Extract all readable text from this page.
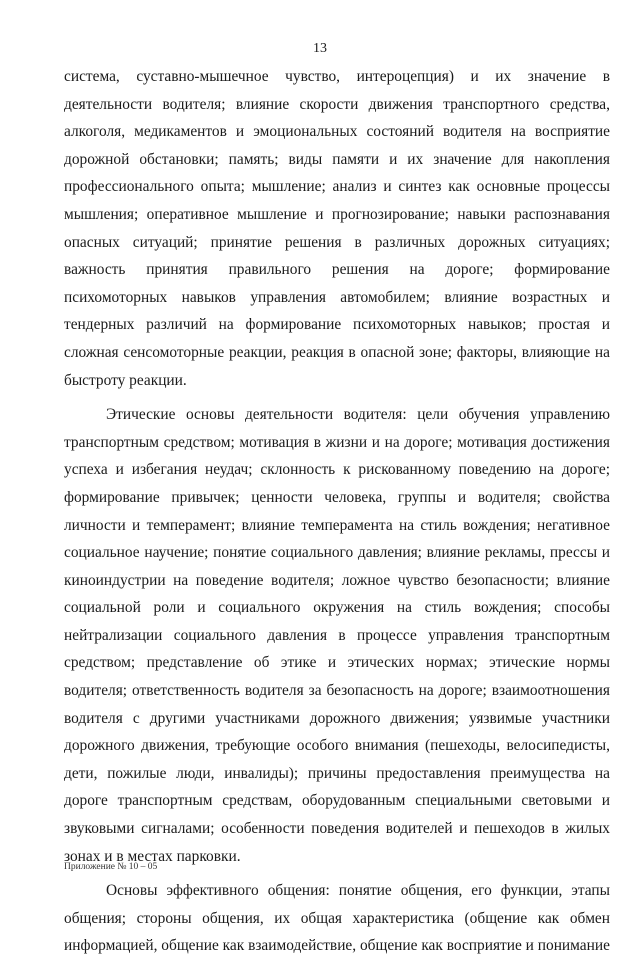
13

система, суставно-мышечное чувство, интероцепция) и их значение в деятельности водителя; влияние скорости движения транспортного средства, алкоголя, медикаментов и эмоциональных состояний водителя на восприятие дорожной обстановки; память; виды памяти и их значение для накопления профессионального опыта; мышление; анализ и синтез как основные процессы мышления; оперативное мышление и прогнозирование; навыки распознавания опасных ситуаций; принятие решения в различных дорожных ситуациях; важность принятия правильного решения на дороге; формирование психомоторных навыков управления автомобилем; влияние возрастных и тендерных различий на формирование психомоторных навыков; простая и сложная сенсомоторные реакции, реакция в опасной зоне; факторы, влияющие на быстроту реакции.

Этические основы деятельности водителя: цели обучения управлению транспортным средством; мотивация в жизни и на дороге; мотивация достижения успеха и избегания неудач; склонность к рискованному поведению на дороге; формирование привычек; ценности человека, группы и водителя; свойства личности и темперамент; влияние темперамента на стиль вождения; негативное социальное научение; понятие социального давления; влияние рекламы, прессы и киноиндустрии на поведение водителя; ложное чувство безопасности; влияние социальной роли и социального окружения на стиль вождения; способы нейтрализации социального давления в процессе управления транспортным средством; представление об этике и этических нормах; этические нормы водителя; ответственность водителя за безопасность на дороге; взаимоотношения водителя с другими участниками дорожного движения; уязвимые участники дорожного движения, требующие особого внимания (пешеходы, велосипедисты, дети, пожилые люди, инвалиды); причины предоставления преимущества на дороге транспортным средствам, оборудованным специальными световыми и звуковыми сигналами; особенности поведения водителей и пешеходов в жилых зонах и в местах парковки.

Основы эффективного общения: понятие общения, его функции, этапы общения; стороны общения, их общая характеристика (общение как обмен информацией, общение как взаимодействие, общение как восприятие и понимание

Приложение № 10 – 05
